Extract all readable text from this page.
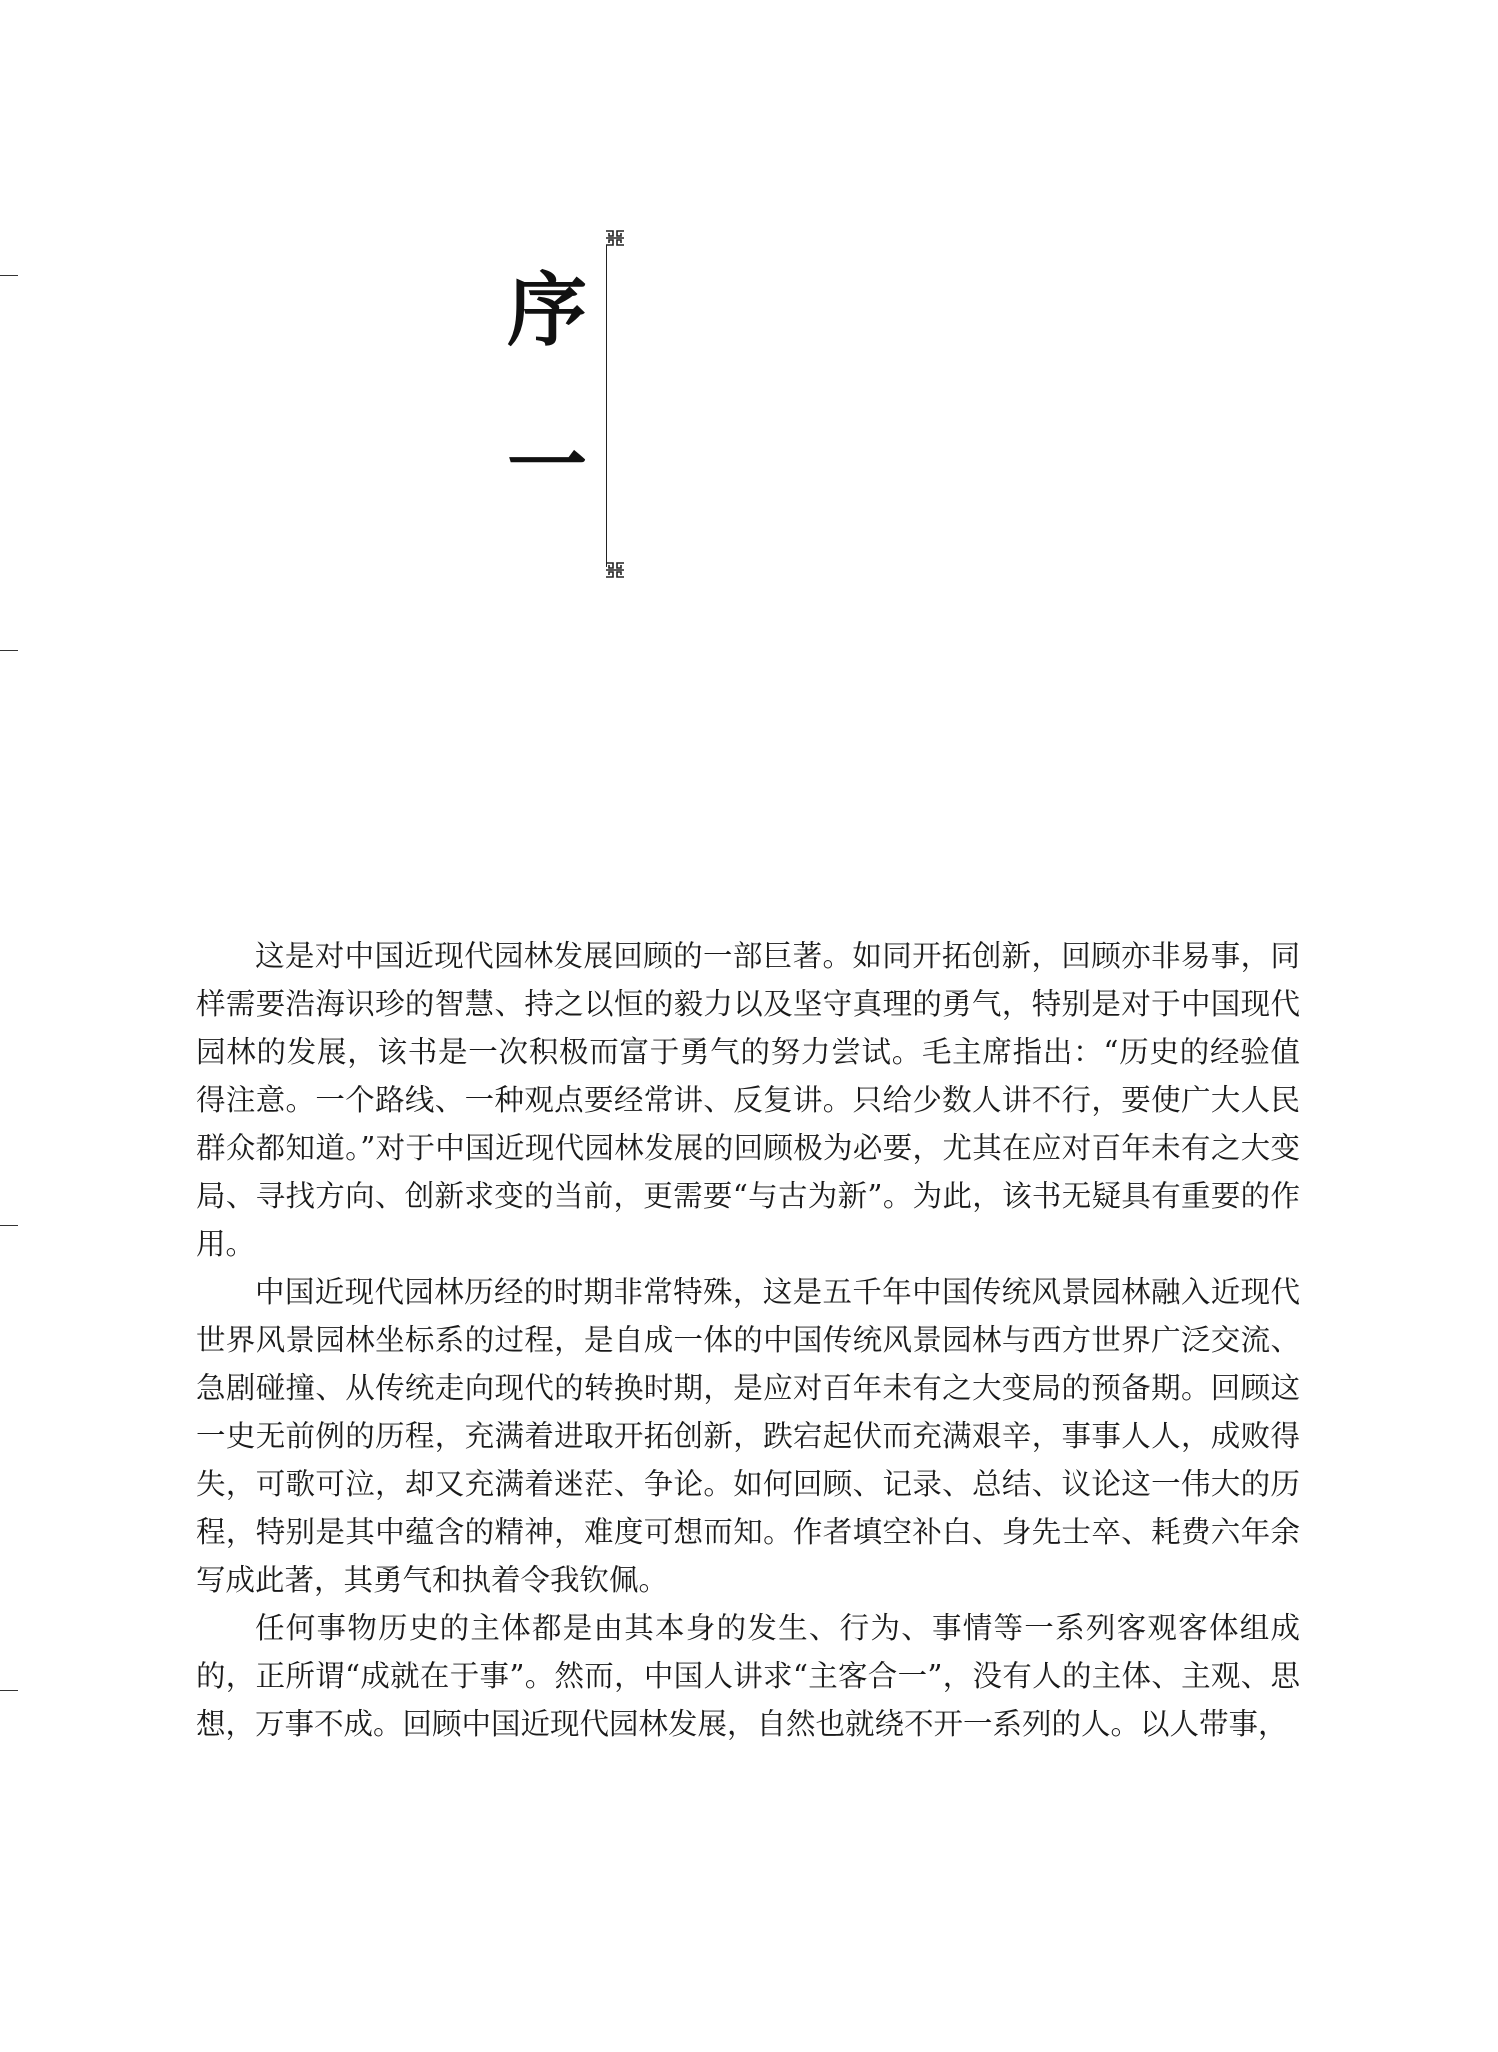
序
一

这是对中国近现代园林发展回顾的一部巨著。如同开拓创新，回顾亦非易事，同样需要浩海识珍的智慧、持之以恒的毅力以及坚守真理的勇气，特别是对于中国现代园林的发展，该书是一次积极而富于勇气的努力尝试。毛主席指出：“历史的经验值得注意。一个路线、一种观点要经常讲、反复讲。只给少数人讲不行，要使广大人民群众都知道。”对于中国近现代园林发展的回顾极为必要，尤其在应对百年未有之大变局、寻找方向、创新求变的当前，更需要“与古为新”。为此，该书无疑具有重要的作用。

中国近现代园林历经的时期非常特殊，这是五千年中国传统风景园林融入近现代世界风景园林坐标系的过程，是自成一体的中国传统风景园林与西方世界广泛交流、急剧碰撞、从传统走向现代的转换时期，是应对百年未有之大变局的预备期。回顾这一史无前例的历程，充满着进取开拓创新，跌宕起伏而充满艰辛，事事人人，成败得失，可歌可泣，却又充满着迷茫、争论。如何回顾、记录、总结、议论这一伟大的历程，特别是其中蕴含的精神，难度可想而知。作者填空补白、身先士卒、耗费六年余写成此著，其勇气和执着令我钦佩。

任何事物历史的主体都是由其本身的发生、行为、事情等一系列客观客体组成的，正所谓“成就在于事”。然而，中国人讲求“主客合一”，没有人的主体、主观、思想，万事不成。回顾中国近现代园林发展，自然也就绕不开一系列的人。以人带事，
